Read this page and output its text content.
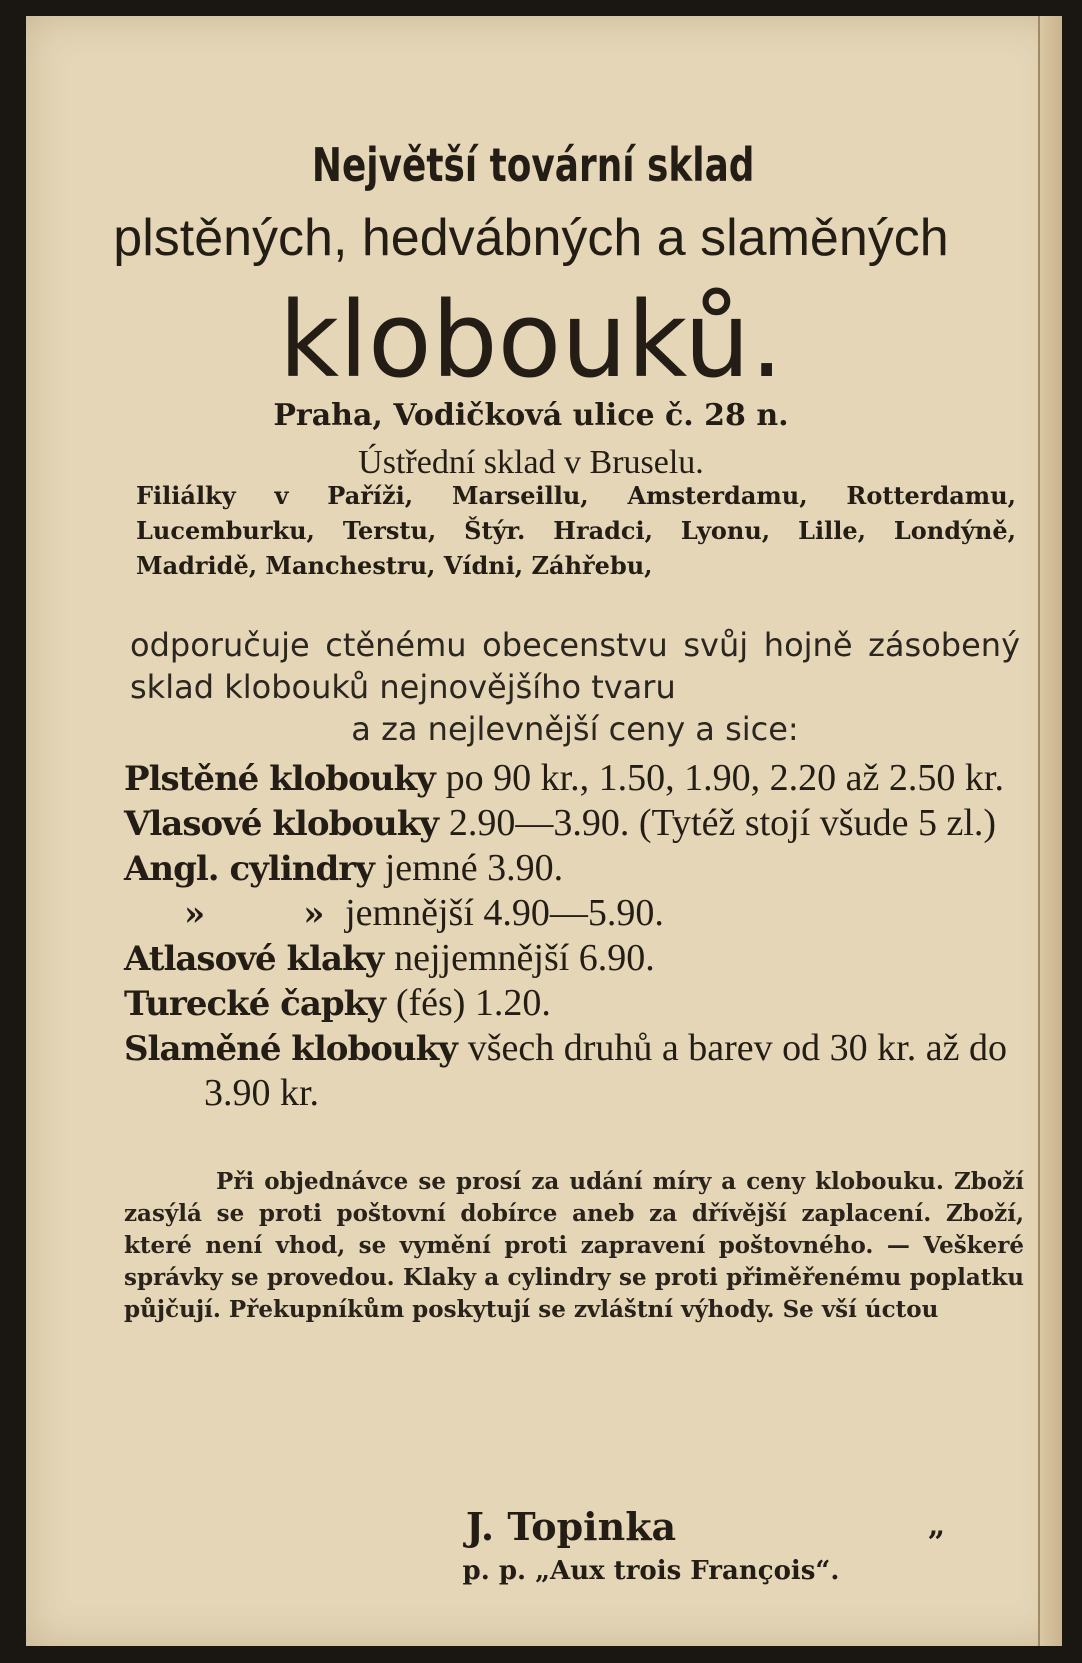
Největší tovární sklad
plstěných, hedvábných a slaměných
klobouků.
Praha, Vodičková ulice č. 28 n.
Ústřední sklad v Bruselu.
Filiálky v Paříži, Marseillu, Amsterdamu, Rotterdamu, Lucemburku, Terstu, Štýr. Hradci, Lyonu, Lille, Londýně, Madridě, Manchestru, Vídni, Záhřebu,
odporučuje ctěnému obecenstvu svůj hojně zásobený sklad klobouků nejnovějšího tvaru
a za nejlevnější ceny a sice:

Plstěné klobouky po 90 kr., 1.50, 1.90, 2.20 až 2.50 kr.

Vlasové klobouky 2.90—3.90. (Tytéž stojí všude 5 zl.)

Angl. cylindry jemné 3.90.

»   » jemnější 4.90—5.90.

Atlasové klaky nejjemnější 6.90.

Turecké čapky (fés) 1.20.

Slaměné klobouky všech druhů a barev od 30 kr. až do 3.90 kr.

Při objednávce se prosí za udání míry a ceny klobouku. Zboží zasýlá se proti poštovní dobírce aneb za dřívější zaplacení. Zboží, které není vhod, se vymění proti zapravení poštovného. — Veškeré správky se provedou. Klaky a cylindry se proti přiměřenému poplatku půjčují. Překupníkům poskytují se zvláštní výhody. Se vší úctou
J. Topinka
p. p. „Aux trois François“.
„
